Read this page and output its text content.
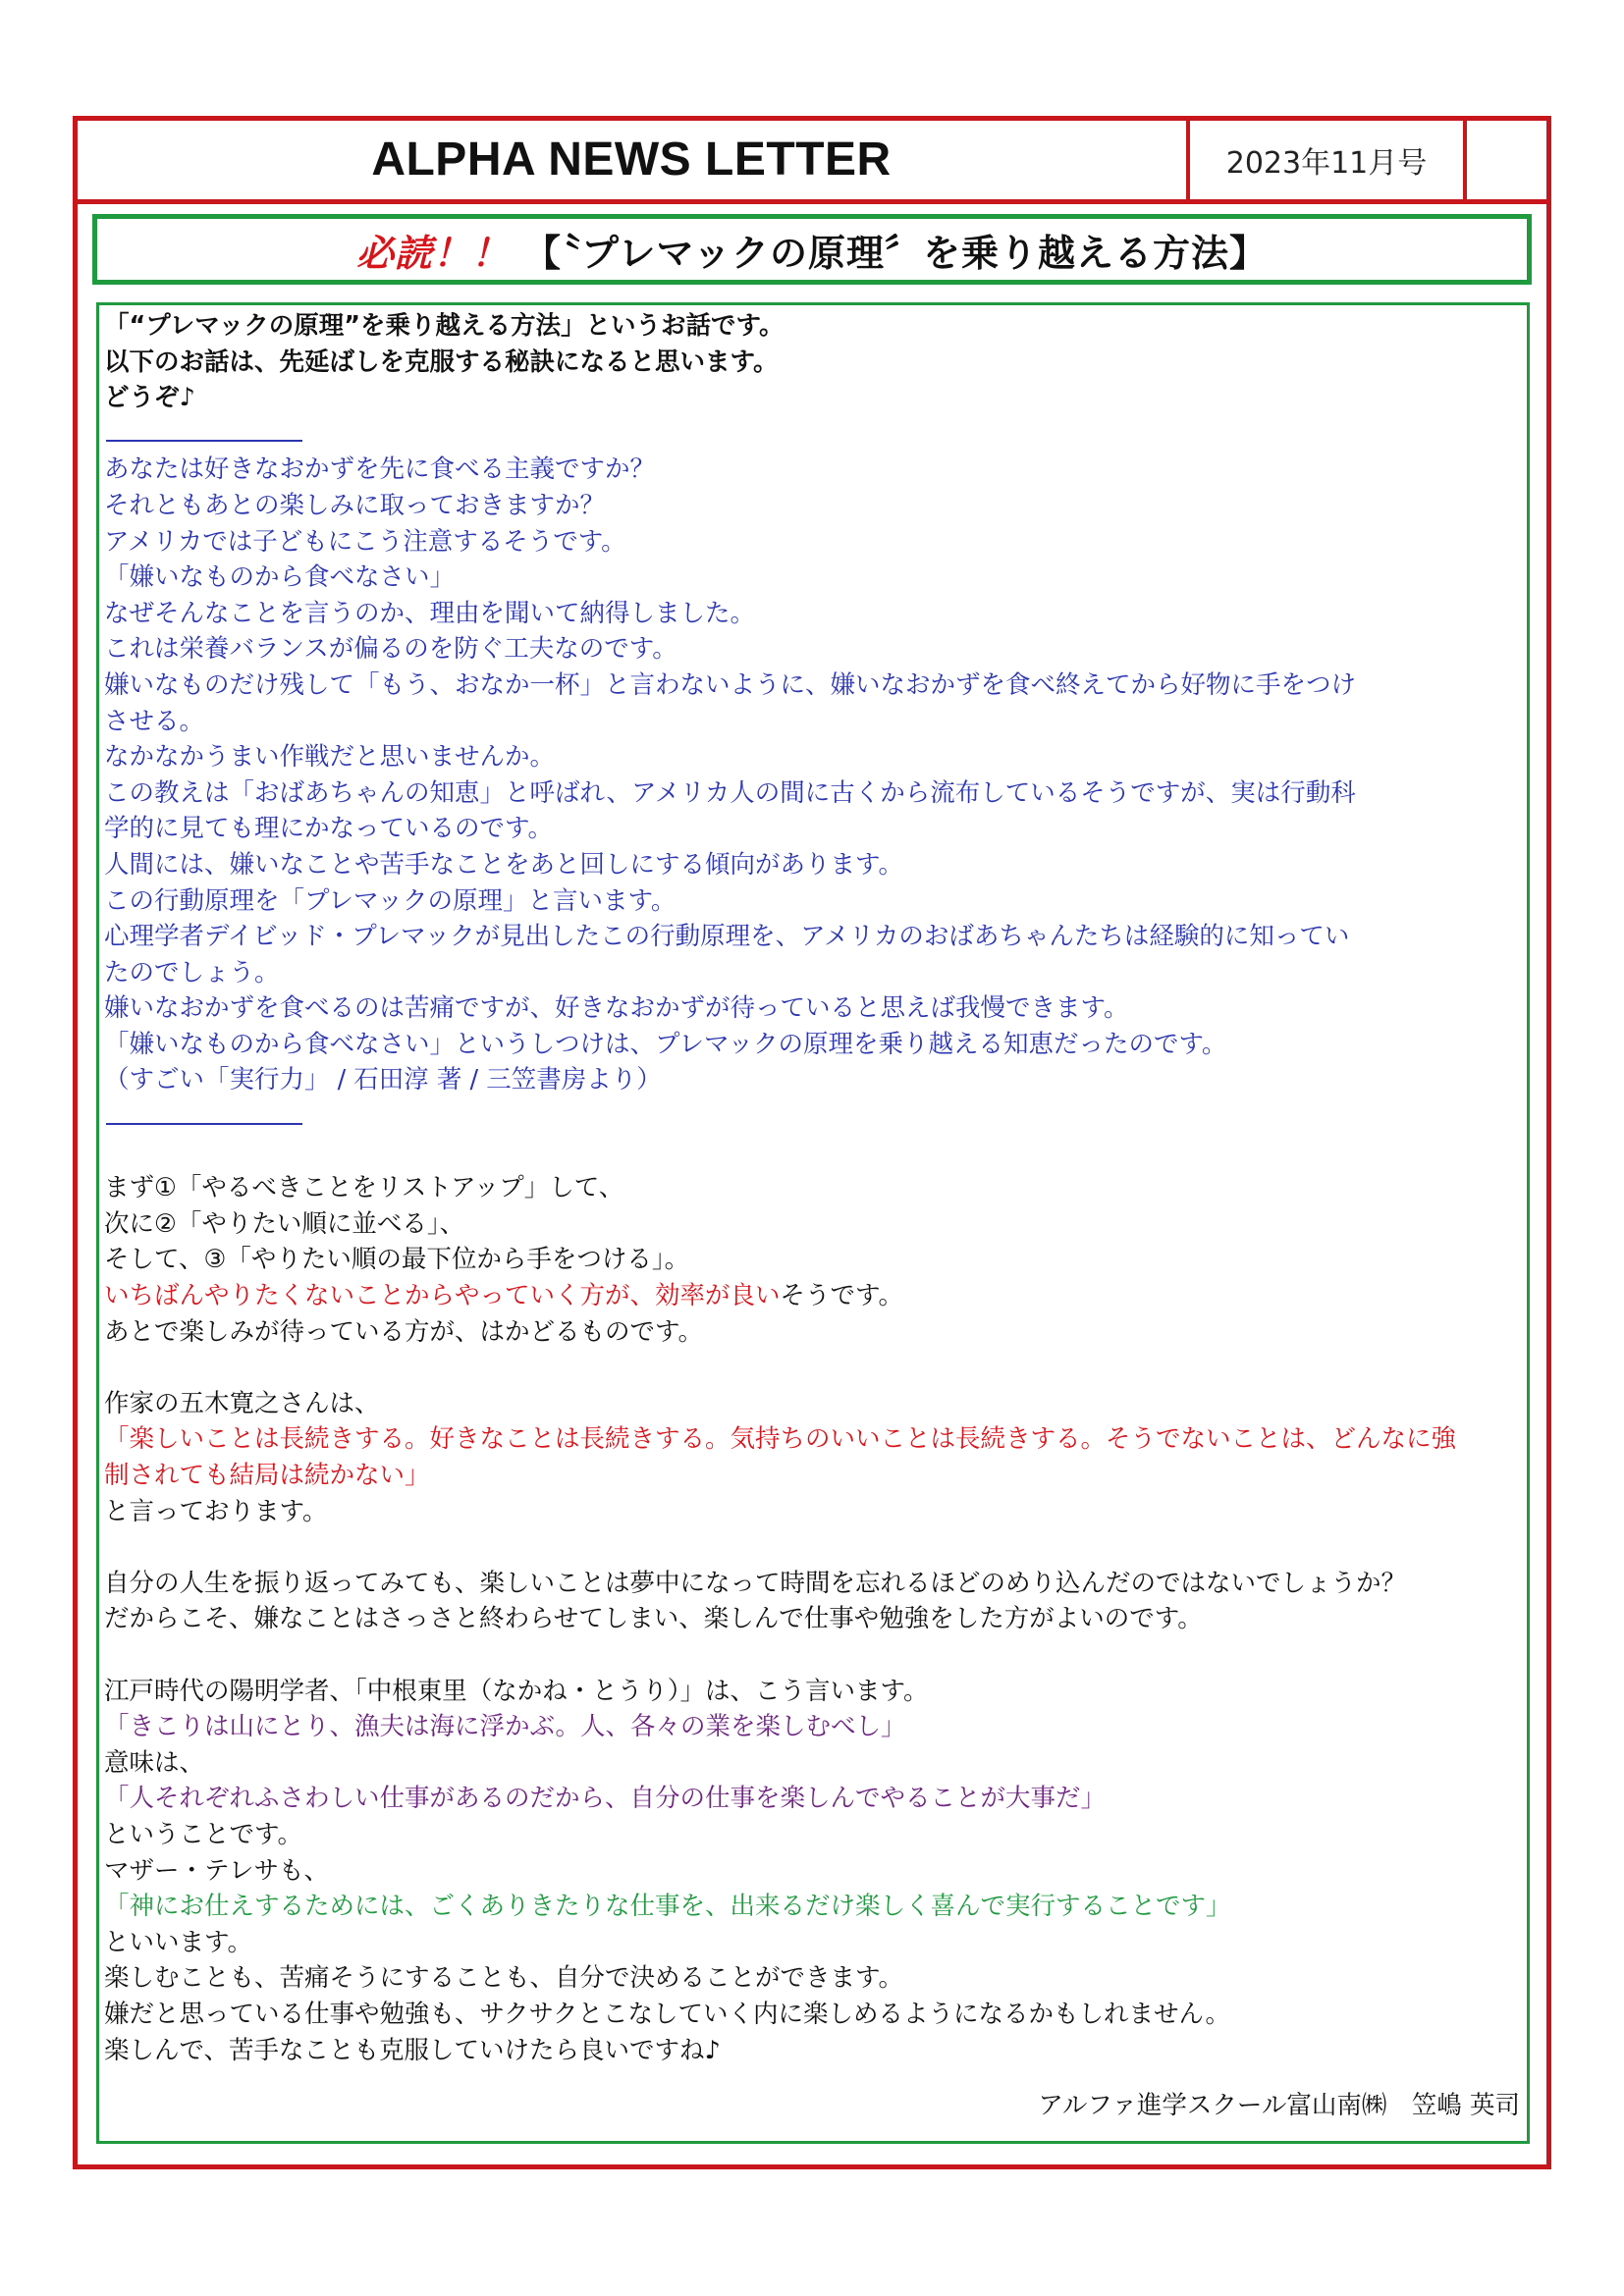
ALPHA NEWS LETTER	2023年11月号
必読！！ 【〝プレマックの原理〞を乗り越える方法】
「“プレマックの原理”を乗り越える方法」というお話です。
以下のお話は、先延ばしを克服する秘訣になると思います。
どうぞ♪
あなたは好きなおかずを先に食べる主義ですか？
それともあとの楽しみに取っておきますか？
アメリカでは子どもにこう注意するそうです。
「嫌いなものから食べなさい」
なぜそんなことを言うのか、理由を聞いて納得しました。
これは栄養バランスが偏るのを防ぐ工夫なのです。
嫌いなものだけ残して「もう、おなか一杯」と言わないように、嫌いなおかずを食べ終えてから好物に手をつけ
させる。
なかなかうまい作戦だと思いませんか。
この教えは「おばあちゃんの知恵」と呼ばれ、アメリカ人の間に古くから流布しているそうですが、実は行動科
学的に見ても理にかなっているのです。
人間には、嫌いなことや苦手なことをあと回しにする傾向があります。
この行動原理を「プレマックの原理」と言います。
心理学者デイビッド・プレマックが見出したこの行動原理を、アメリカのおばあちゃんたちは経験的に知ってい
たのでしょう。
嫌いなおかずを食べるのは苦痛ですが、好きなおかずが待っていると思えば我慢できます。
「嫌いなものから食べなさい」というしつけは、プレマックの原理を乗り越える知恵だったのです。
（すごい「実行力」 / 石田淳 著 / 三笠書房より）
まず①「やるべきことをリストアップ」して、
次に②「やりたい順に並べる」、
そして、③「やりたい順の最下位から手をつける」。
いちばんやりたくないことからやっていく方が、効率が良いそうです。
あとで楽しみが待っている方が、はかどるものです。
作家の五木寛之さんは、
「楽しいことは長続きする。好きなことは長続きする。気持ちのいいことは長続きする。そうでないことは、どんなに強
制されても結局は続かない」
と言っております。
自分の人生を振り返ってみても、楽しいことは夢中になって時間を忘れるほどのめり込んだのではないでしょうか？
だからこそ、嫌なことはさっさと終わらせてしまい、楽しんで仕事や勉強をした方がよいのです。
江戸時代の陽明学者、「中根東里（なかね・とうり）」は、こう言います。
「きこりは山にとり、漁夫は海に浮かぶ。人、各々の業を楽しむべし」
意味は、
「人それぞれふさわしい仕事があるのだから、自分の仕事を楽しんでやることが大事だ」
ということです。
マザー・テレサも、
「神にお仕えするためには、ごくありきたりな仕事を、出来るだけ楽しく喜んで実行することです」
といいます。
楽しむことも、苦痛そうにすることも、自分で決めることができます。
嫌だと思っている仕事や勉強も、サクサクとこなしていく内に楽しめるようになるかもしれません。
楽しんで、苦手なことも克服していけたら良いですね♪
アルファ進学スクール富山南㈱　笠嶋 英司
